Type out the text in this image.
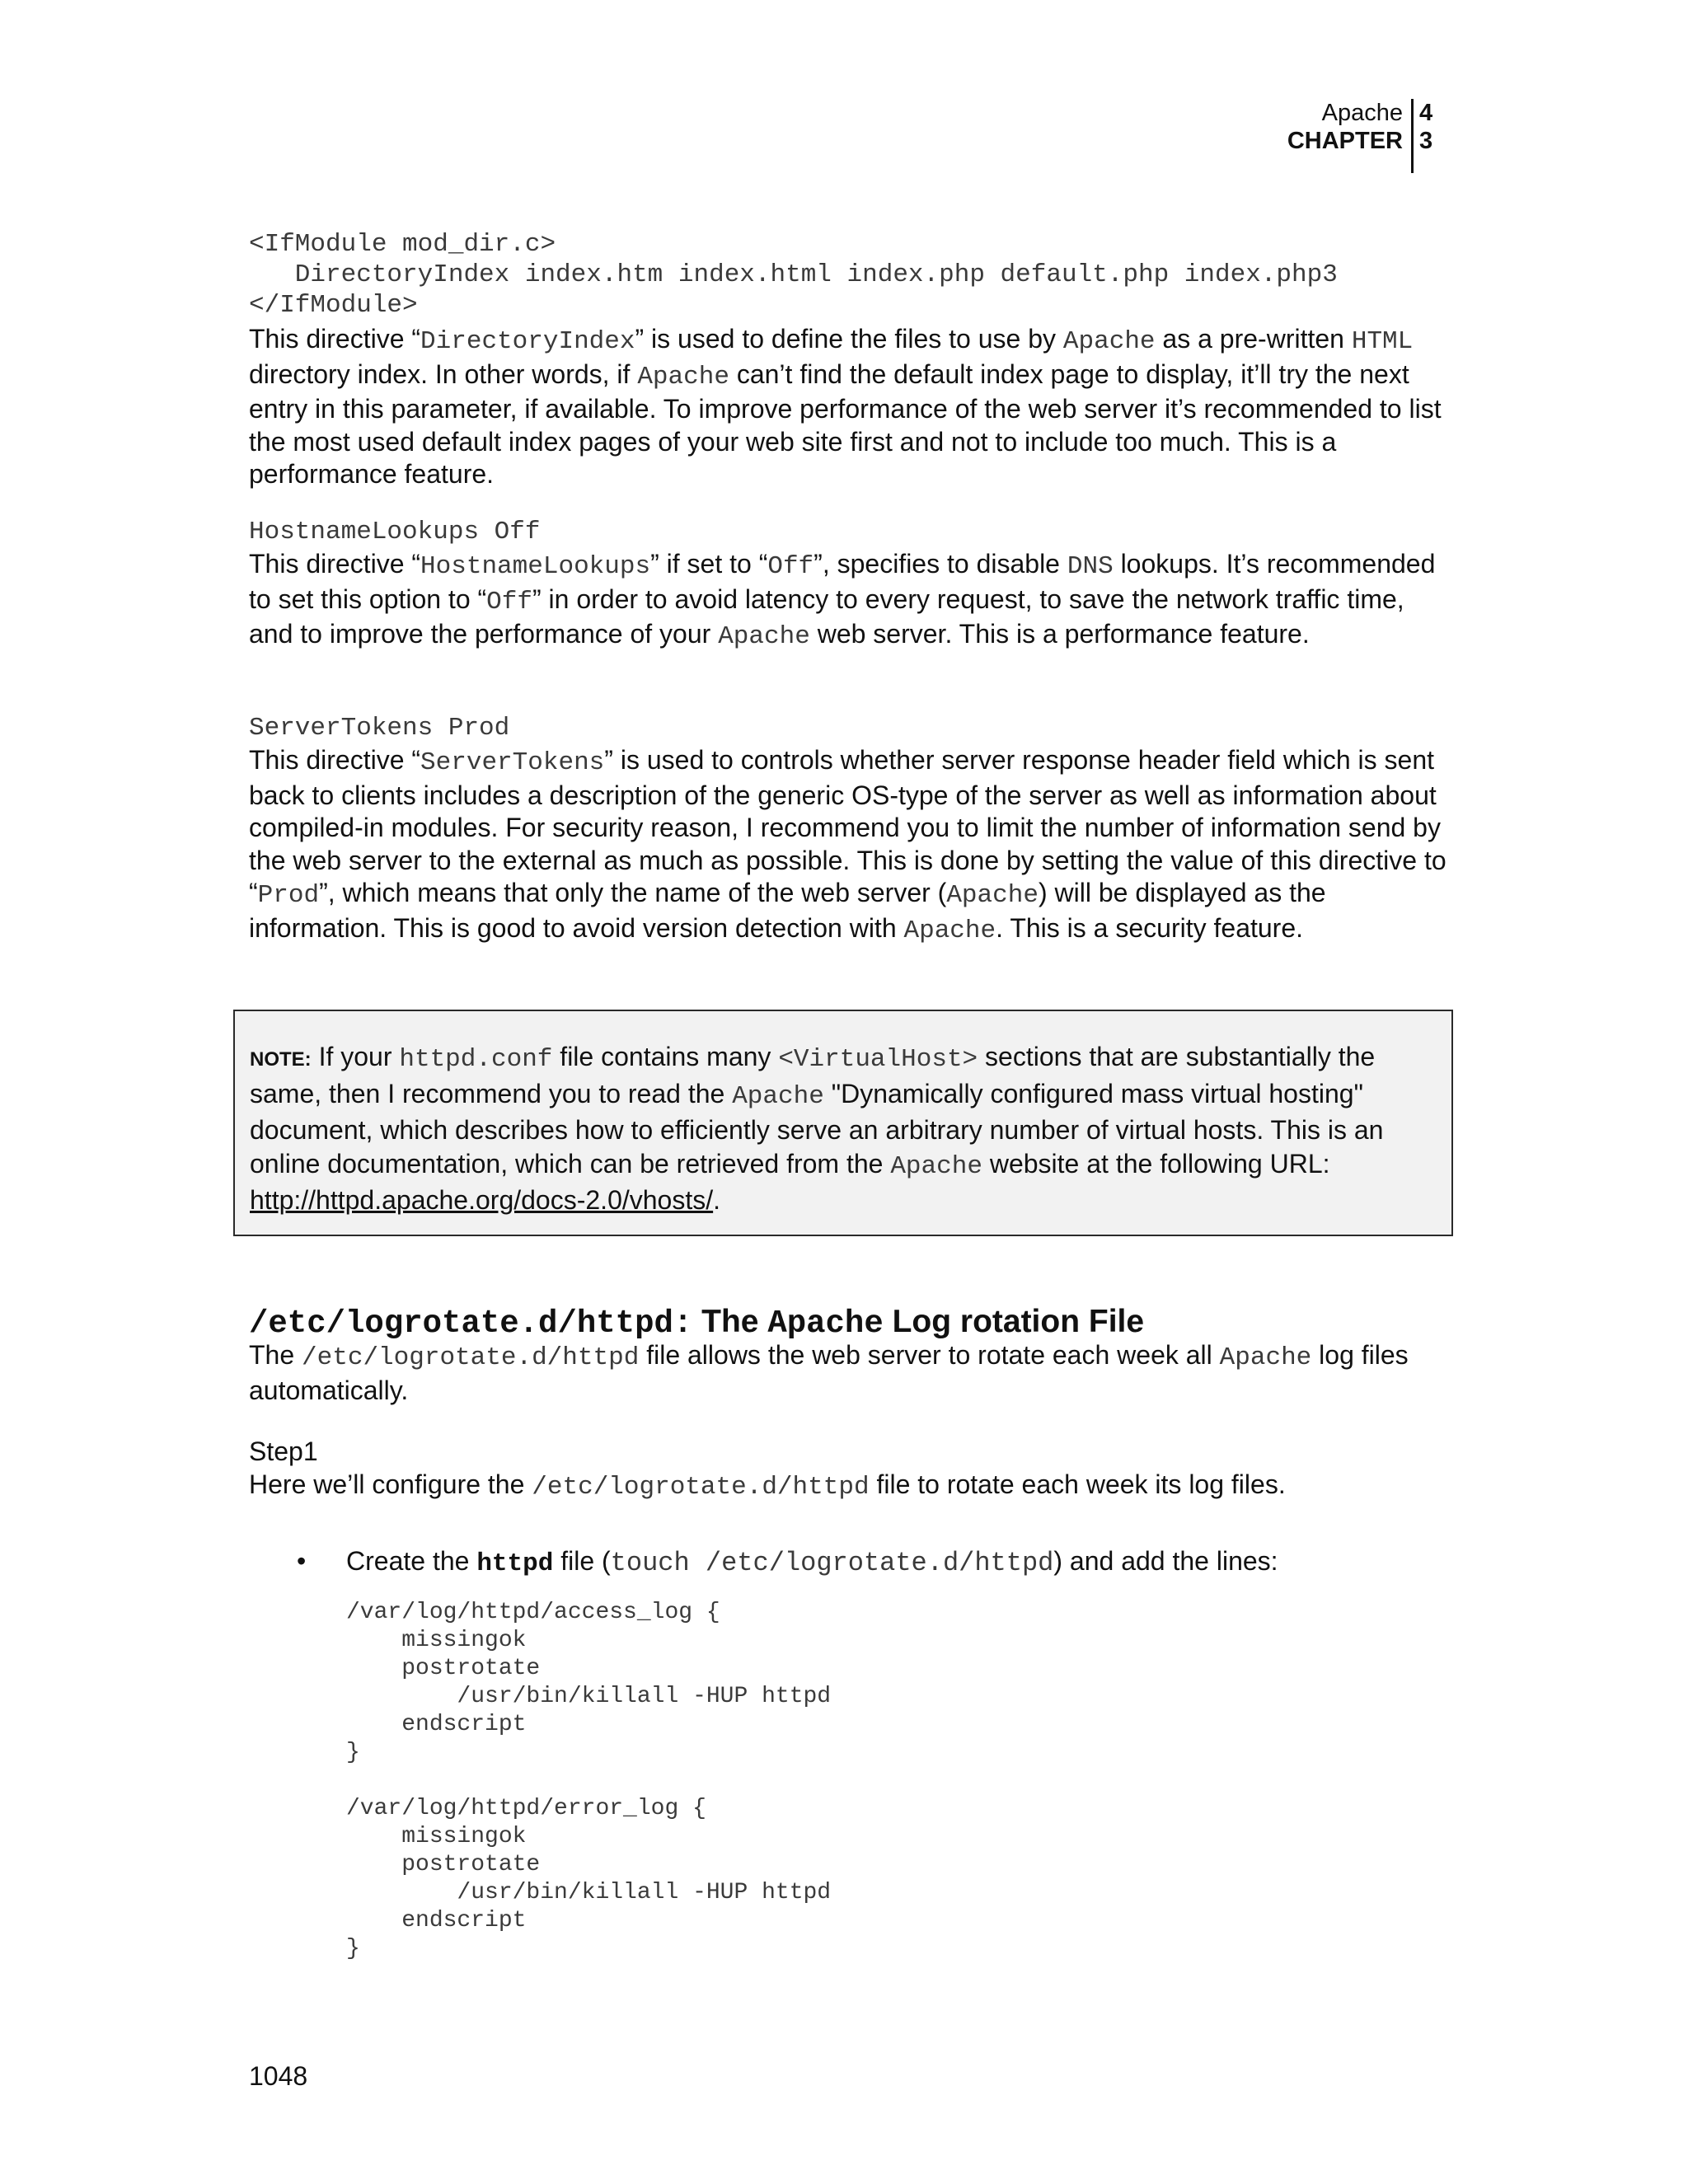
Apache
CHAPTER
4
3
<IfModule mod_dir.c>
DirectoryIndex index.htm index.html index.php default.php index.php3
</IfModule>
This directive “DirectoryIndex” is used to define the files to use by Apache as a pre-written HTML directory index. In other words, if Apache can’t find the default index page to display, it’ll try the next entry in this parameter, if available. To improve performance of the web server it’s recommended to list the most used default index pages of your web site first and not to include too much. This is a performance feature.
HostnameLookups Off
This directive “HostnameLookups” if set to “Off”, specifies to disable DNS lookups. It’s recommended to set this option to “Off” in order to avoid latency to every request, to save the network traffic time, and to improve the performance of your Apache web server. This is a performance feature.
ServerTokens Prod
This directive “ServerTokens” is used to controls whether server response header field which is sent back to clients includes a description of the generic OS-type of the server as well as information about compiled-in modules. For security reason, I recommend you to limit the number of information send by the web server to the external as much as possible. This is done by setting the value of this directive to “Prod”, which means that only the name of the web server (Apache) will be displayed as the information. This is good to avoid version detection with Apache. This is a security feature.
NOTE: If your httpd.conf file contains many <VirtualHost> sections that are substantially the same, then I recommend you to read the Apache "Dynamically configured mass virtual hosting" document, which describes how to efficiently serve an arbitrary number of virtual hosts. This is an online documentation, which can be retrieved from the Apache website at the following URL: http://httpd.apache.org/docs-2.0/vhosts/.
/etc/logrotate.d/httpd: The Apache Log rotation File
The /etc/logrotate.d/httpd file allows the web server to rotate each week all Apache log files automatically.
Step1
Here we’ll configure the /etc/logrotate.d/httpd file to rotate each week its log files.
• Create the httpd file (touch /etc/logrotate.d/httpd) and add the lines:
/var/log/httpd/access_log {
missingok
postrotate
/usr/bin/killall -HUP httpd
endscript
}
/var/log/httpd/error_log {
missingok
postrotate
/usr/bin/killall -HUP httpd
endscript
}
1048
